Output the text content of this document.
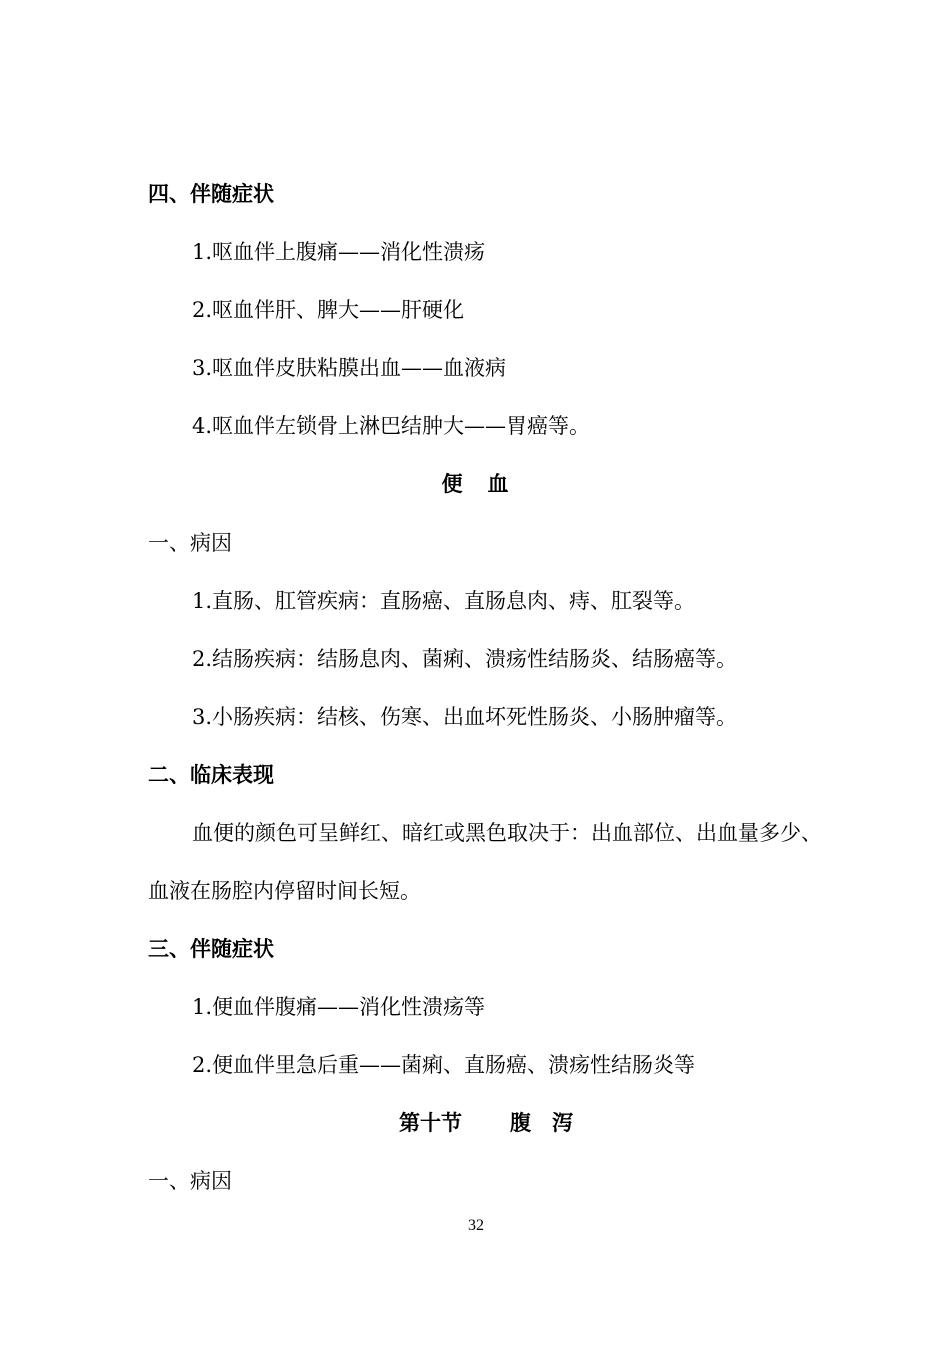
四、伴随症状

1.呕血伴上腹痛——消化性溃疡

2.呕血伴肝、脾大——肝硬化

3.呕血伴皮肤粘膜出血——血液病

4.呕血伴左锁骨上淋巴结肿大——胃癌等。

便　血

一、病因

1.直肠、肛管疾病：直肠癌、直肠息肉、痔、肛裂等。

2.结肠疾病：结肠息肉、菌痢、溃疡性结肠炎、结肠癌等。

3.小肠疾病：结核、伤寒、出血坏死性肠炎、小肠肿瘤等。

二、临床表现

血便的颜色可呈鲜红、暗红或黑色取决于：出血部位、出血量多少、

血液在肠腔内停留时间长短。

三、伴随症状

1.便血伴腹痛——消化性溃疡等

2.便血伴里急后重——菌痢、直肠癌、溃疡性结肠炎等

第十节 腹　泻

一、病因

32
